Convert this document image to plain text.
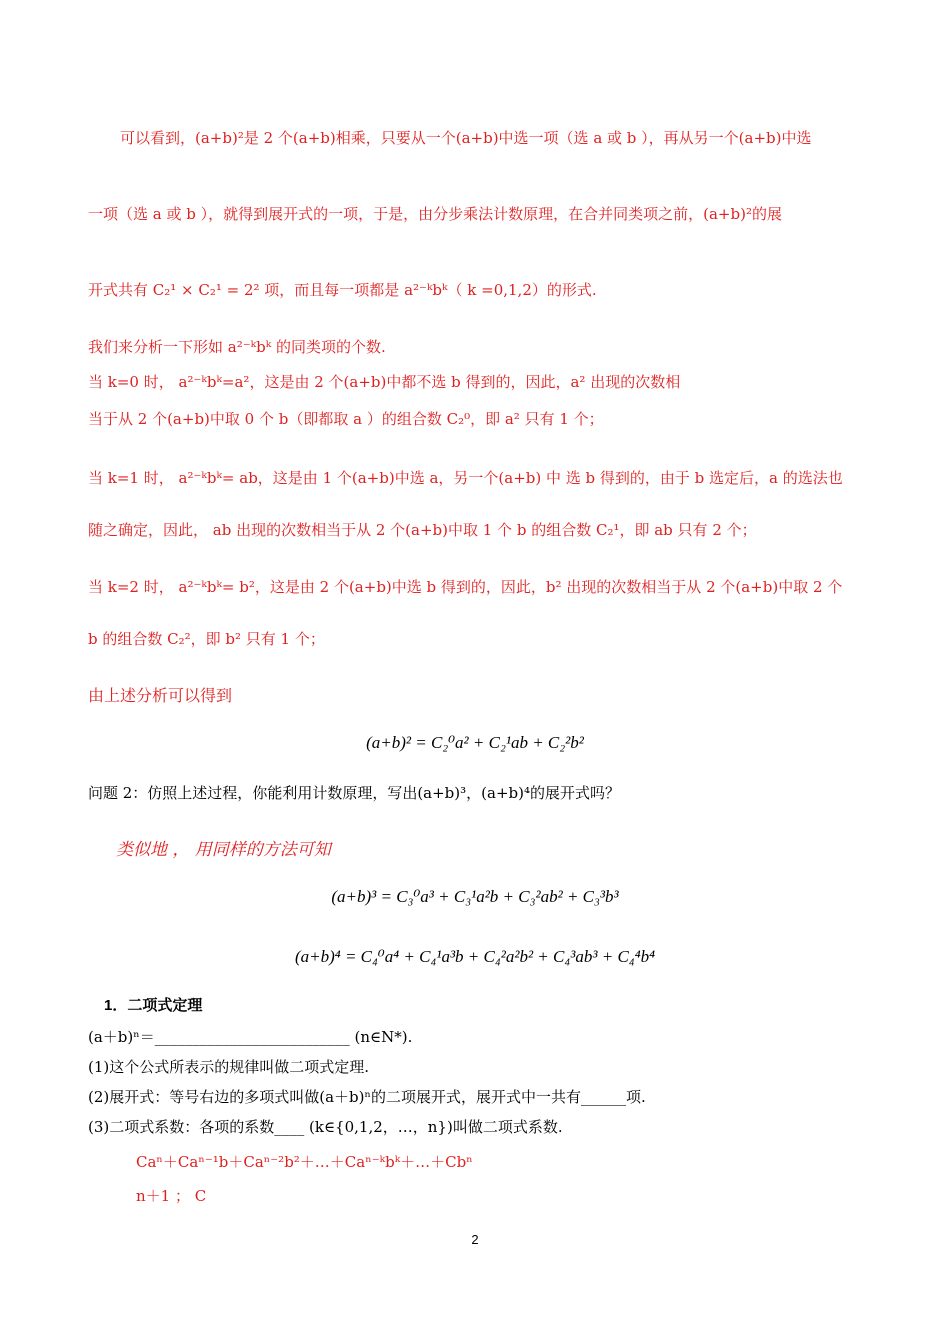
可以看到，(a+b)²是 2 个(a+b)相乘，只要从一个(a+b)中选一项（选 a 或 b ），再从另一个(a+b)中选
一项（选 a 或 b ），就得到展开式的一项，于是，由分步乘法计数原理，在合并同类项之前，(a+b)²的展
开式共有 C₂¹ × C₂¹ = 2² 项，而且每一项都是 a²⁻ᵏbᵏ（ k =0,1,2）的形式.
我们来分析一下形如 a²⁻ᵏbᵏ 的同类项的个数.
当 k=0 时， a²⁻ᵏbᵏ=a²，这是由 2 个(a+b)中都不选 b 得到的，因此，a² 出现的次数相
当于从 2 个(a+b)中取 0 个 b（即都取 a ）的组合数 C₂⁰，即 a² 只有 1 个；
当 k=1 时， a²⁻ᵏbᵏ= ab，这是由 1 个(a+b)中选 a，另一个(a+b) 中 选 b 得到的，由于 b 选定后，a 的选法也
随之确定，因此， ab 出现的次数相当于从 2 个(a+b)中取 1 个 b 的组合数 C₂¹，即 ab 只有 2 个；
当 k=2 时， a²⁻ᵏbᵏ= b²，这是由 2 个(a+b)中选 b 得到的，因此，b² 出现的次数相当于从 2 个(a+b)中取 2 个
b 的组合数 C₂²，即 b² 只有 1 个；
由上述分析可以得到
(a+b)² = C₂⁰a² + C₂¹ab + C₂²b²
问题 2：仿照上述过程，你能利用计数原理，写出(a+b)³，(a+b)⁴的展开式吗？
类似地 ， 用同样的方法可知
(a+b)³ = C₃⁰a³ + C₃¹a²b + C₃²ab² + C₃³b³
(a+b)⁴ = C₄⁰a⁴ + C₄¹a³b + C₄²a²b² + C₄³ab³ + C₄⁴b⁴
1．二项式定理
(a＋b)ⁿ＝__________________________ (n∈N*).
(1)这个公式所表示的规律叫做二项式定理.
(2)展开式：等号右边的多项式叫做(a＋b)ⁿ的二项展开式，展开式中一共有______项.
(3)二项式系数：各项的系数____ (k∈{0,1,2，…，n})叫做二项式系数.
Caⁿ＋Caⁿ⁻¹b＋Caⁿ⁻²b²＋…＋Caⁿ⁻ᵏbᵏ＋…＋Cbⁿ
n＋1 ； C
2
